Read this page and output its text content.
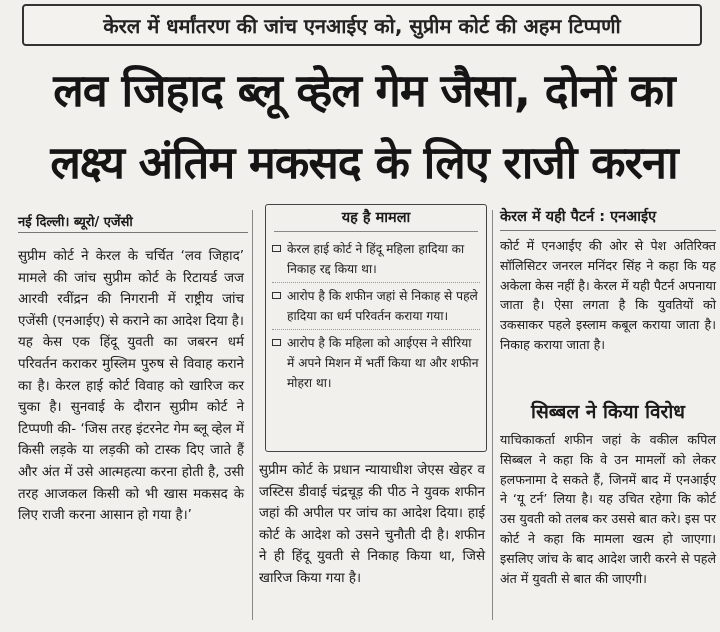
केरल में धर्मांतरण की जांच एनआईए को, सुप्रीम कोर्ट की अहम टिप्पणी
लव जिहाद ब्लू व्हेल गेम जैसा, दोनों का
लक्ष्य अंतिम मकसद के लिए राजी करना
नई दिल्ली। ब्यूरो/ एजेंसी

सुप्रीम कोर्ट ने केरल के चर्चित ‘लव जिहाद’ मामले की जांच सुप्रीम कोर्ट के रिटायर्ड जज आरवी रवींद्रन की निगरानी में राष्ट्रीय जांच एजेंसी (एनआईए) से कराने का आदेश दिया है। यह केस एक हिंदू युवती का जबरन धर्म परिवर्तन कराकर मुस्लिम पुरुष से विवाह कराने का है। केरल हाई कोर्ट विवाह को खारिज कर चुका है। सुनवाई के दौरान सुप्रीम कोर्ट ने टिप्पणी की- ‘जिस तरह इंटरनेट गेम ब्लू व्हेल में किसी लड़के या लड़की को टास्क दिए जाते हैं और अंत में उसे आत्महत्या करना होती है, उसी तरह आजकल किसी को भी खास मकसद के लिए राजी करना आसान हो गया है।’

यह है मामला
केरल हाई कोर्ट ने हिंदू महिला हादिया का निकाह रद्द किया था।
आरोप है कि शफीन जहां से निकाह से पहले हादिया का धर्म परिवर्तन कराया गया।
आरोप है कि महिला को आईएस ने सीरिया में अपने मिशन में भर्ती किया था और शफीन मोहरा था।

सुप्रीम कोर्ट के प्रधान न्यायाधीश जेएस खेहर व जस्टिस डीवाई चंद्रचूड़ की पीठ ने युवक शफीन जहां की अपील पर जांच का आदेश दिया। हाई कोर्ट के आदेश को उसने चुनौती दी है। शफीन ने ही हिंदू युवती से निकाह किया था, जिसे खारिज किया गया है।

केरल में यही पैटर्न : एनआईए

कोर्ट में एनआईए की ओर से पेश अतिरिक्त सॉलिसिटर जनरल मनिंदर सिंह ने कहा कि यह अकेला केस नहीं है। केरल में यही पैटर्न अपनाया जाता है। ऐसा लगता है कि युवतियों को उकसाकर पहले इस्लाम कबूल कराया जाता है। निकाह कराया जाता है।

सिब्बल ने किया विरोध

याचिकाकर्ता शफीन जहां के वकील कपिल सिब्बल ने कहा कि वे उन मामलों को लेकर हलफनामा दे सकते हैं, जिनमें बाद में एनआईए ने ‘यू टर्न’ लिया है। यह उचित रहेगा कि कोर्ट उस युवती को तलब कर उससे बात करे। इस पर कोर्ट ने कहा कि मामला खत्म हो जाएगा। इसलिए जांच के बाद आदेश जारी करने से पहले अंत में युवती से बात की जाएगी।
